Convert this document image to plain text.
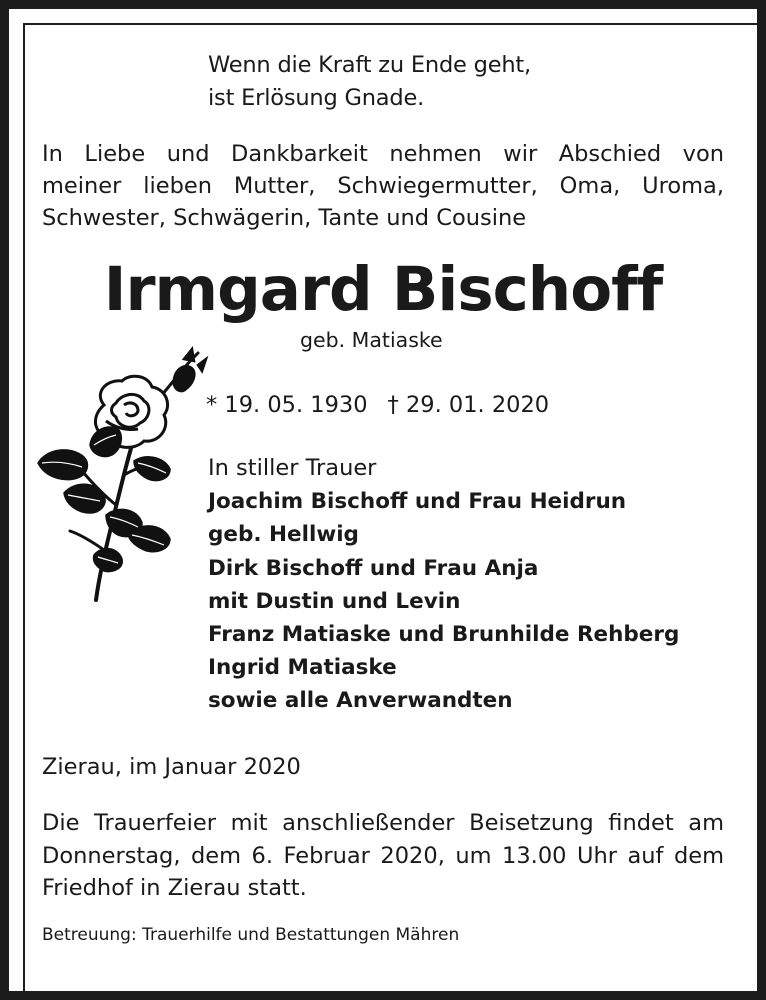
Wenn die Kraft zu Ende geht,
ist Erlösung Gnade.
In Liebe und Dankbarkeit nehmen wir Abschied von
meiner lieben Mutter, Schwiegermutter, Oma, Uroma,
Schwester, Schwägerin, Tante und Cousine
Irmgard Bischoff
geb. Matiaske
* 19. 05. 1930 † 29. 01. 2020
In stiller Trauer
Joachim Bischoff und Frau Heidrun
geb. Hellwig
Dirk Bischoff und Frau Anja
mit Dustin und Levin
Franz Matiaske und Brunhilde Rehberg
Ingrid Matiaske
sowie alle Anverwandten
Zierau, im Januar 2020
Die Trauerfeier mit anschließender Beisetzung findet am
Donnerstag, dem 6. Februar 2020, um 13.00 Uhr auf dem
Friedhof in Zierau statt.
Betreuung: Trauerhilfe und Bestattungen Mähren
